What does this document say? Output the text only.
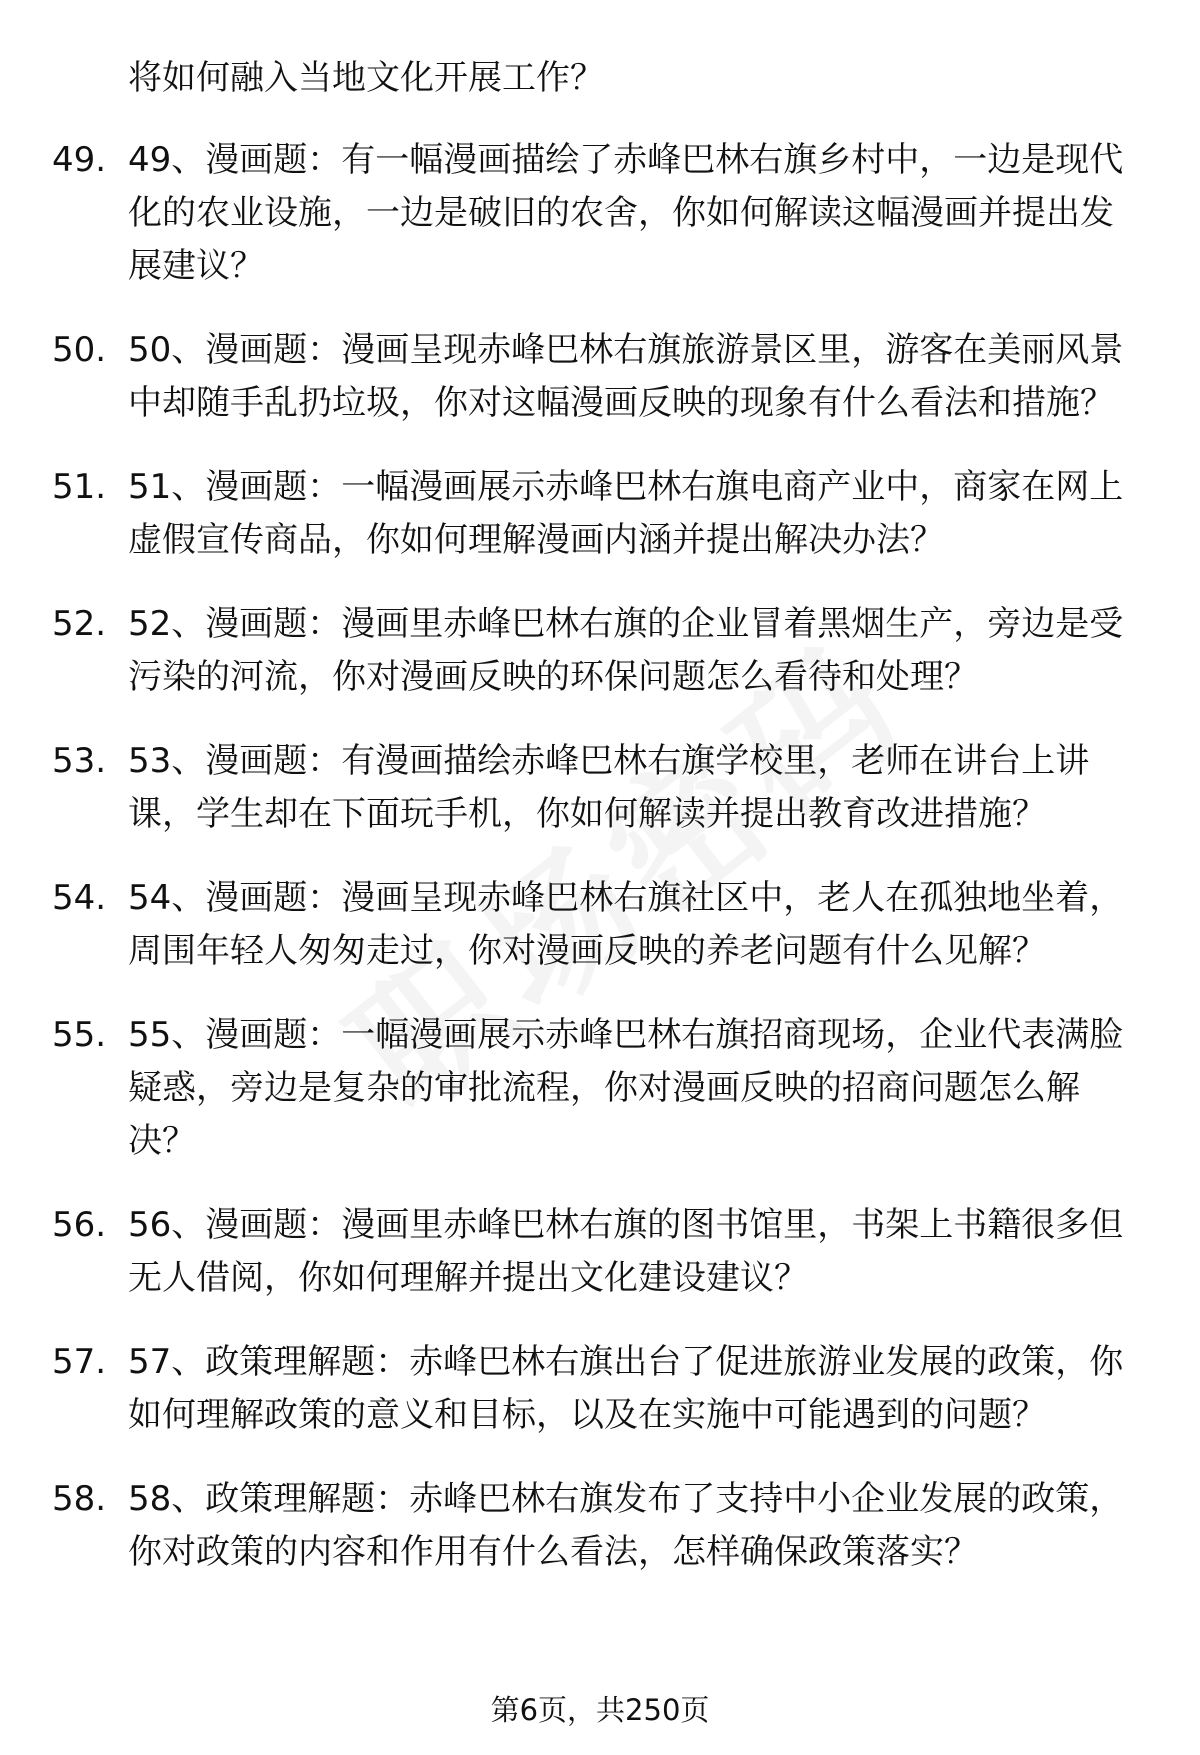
将如何融入当地文化开展工作？
49. 49、漫画题：有一幅漫画描绘了赤峰巴林右旗乡村中，一边是现代化的农业设施，一边是破旧的农舍，你如何解读这幅漫画并提出发展建议？
50. 50、漫画题：漫画呈现赤峰巴林右旗旅游景区里，游客在美丽风景中却随手乱扔垃圾，你对这幅漫画反映的现象有什么看法和措施？
51. 51、漫画题：一幅漫画展示赤峰巴林右旗电商产业中，商家在网上虚假宣传商品，你如何理解漫画内涵并提出解决办法？
52. 52、漫画题：漫画里赤峰巴林右旗的企业冒着黑烟生产，旁边是受污染的河流，你对漫画反映的环保问题怎么看待和处理？
53. 53、漫画题：有漫画描绘赤峰巴林右旗学校里，老师在讲台上讲课，学生却在下面玩手机，你如何解读并提出教育改进措施？
54. 54、漫画题：漫画呈现赤峰巴林右旗社区中，老人在孤独地坐着，周围年轻人匆匆走过，你对漫画反映的养老问题有什么见解？
55. 55、漫画题：一幅漫画展示赤峰巴林右旗招商现场，企业代表满脸疑惑，旁边是复杂的审批流程，你对漫画反映的招商问题怎么解决？
56. 56、漫画题：漫画里赤峰巴林右旗的图书馆里，书架上书籍很多但无人借阅，你如何理解并提出文化建设建议？
57. 57、政策理解题：赤峰巴林右旗出台了促进旅游业发展的政策，你如何理解政策的意义和目标，以及在实施中可能遇到的问题？
58. 58、政策理解题：赤峰巴林右旗发布了支持中小企业发展的政策，你对政策的内容和作用有什么看法，怎样确保政策落实？
第6页，共250页
